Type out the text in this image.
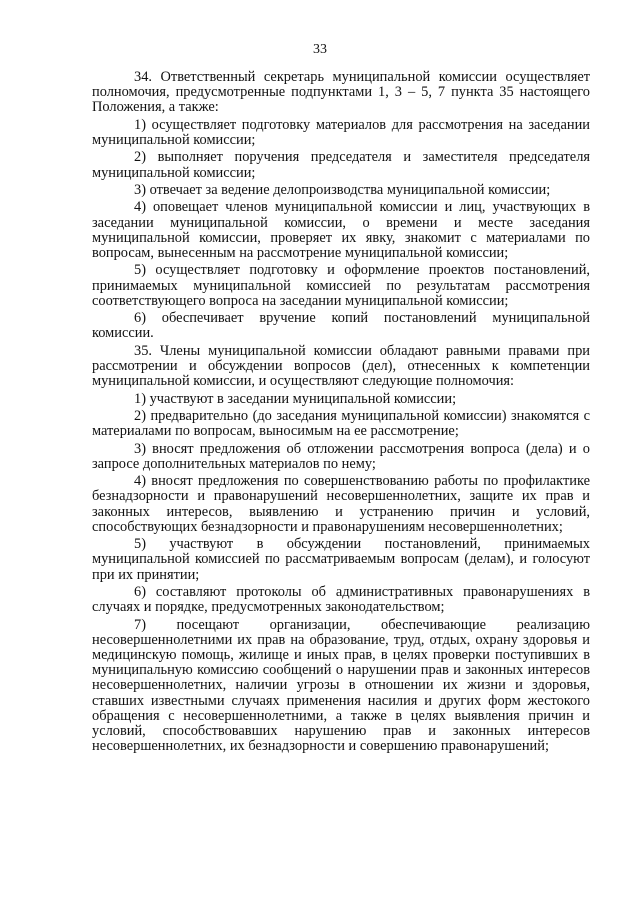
33

34. Ответственный секретарь муниципальной комиссии осуществляет полномочия, предусмотренные подпунктами 1, 3 – 5, 7 пункта 35 настоящего Положения, а также:

1) осуществляет подготовку материалов для рассмотрения на заседании муниципальной комиссии;

2) выполняет поручения председателя и заместителя председателя муниципальной комиссии;

3) отвечает за ведение делопроизводства муниципальной комиссии;

4) оповещает членов муниципальной комиссии и лиц, участвующих в заседании муниципальной комиссии, о времени и месте заседания муниципальной комиссии, проверяет их явку, знакомит с материалами по вопросам, вынесенным на рассмотрение муниципальной комиссии;

5) осуществляет подготовку и оформление проектов постановлений, принимаемых муниципальной комиссией по результатам рассмотрения соответствующего вопроса на заседании муниципальной комиссии;

6) обеспечивает вручение копий постановлений муниципальной комиссии.

35. Члены муниципальной комиссии обладают равными правами при рассмотрении и обсуждении вопросов (дел), отнесенных к компетенции муниципальной комиссии, и осуществляют следующие полномочия:

1) участвуют в заседании муниципальной комиссии;

2) предварительно (до заседания муниципальной комиссии) знакомятся с материалами по вопросам, выносимым на ее рассмотрение;

3) вносят предложения об отложении рассмотрения вопроса (дела) и о запросе дополнительных материалов по нему;

4) вносят предложения по совершенствованию работы по профилактике безнадзорности и правонарушений несовершеннолетних, защите их прав и законных интересов, выявлению и устранению причин и условий, способствующих безнадзорности и правонарушениям несовершеннолетних;

5) участвуют в обсуждении постановлений, принимаемых муниципальной комиссией по рассматриваемым вопросам (делам), и голосуют при их принятии;

6) составляют протоколы об административных правонарушениях в случаях и порядке, предусмотренных законодательством;

7) посещают организации, обеспечивающие реализацию несовершеннолетними их прав на образование, труд, отдых, охрану здоровья и медицинскую помощь, жилище и иных прав, в целях проверки поступивших в муниципальную комиссию сообщений о нарушении прав и законных интересов несовершеннолетних, наличии угрозы в отношении их жизни и здоровья, ставших известными случаях применения насилия и других форм жестокого обращения с несовершеннолетними, а также в целях выявления причин и условий, способствовавших нарушению прав и законных интересов несовершеннолетних, их безнадзорности и совершению правонарушений;
